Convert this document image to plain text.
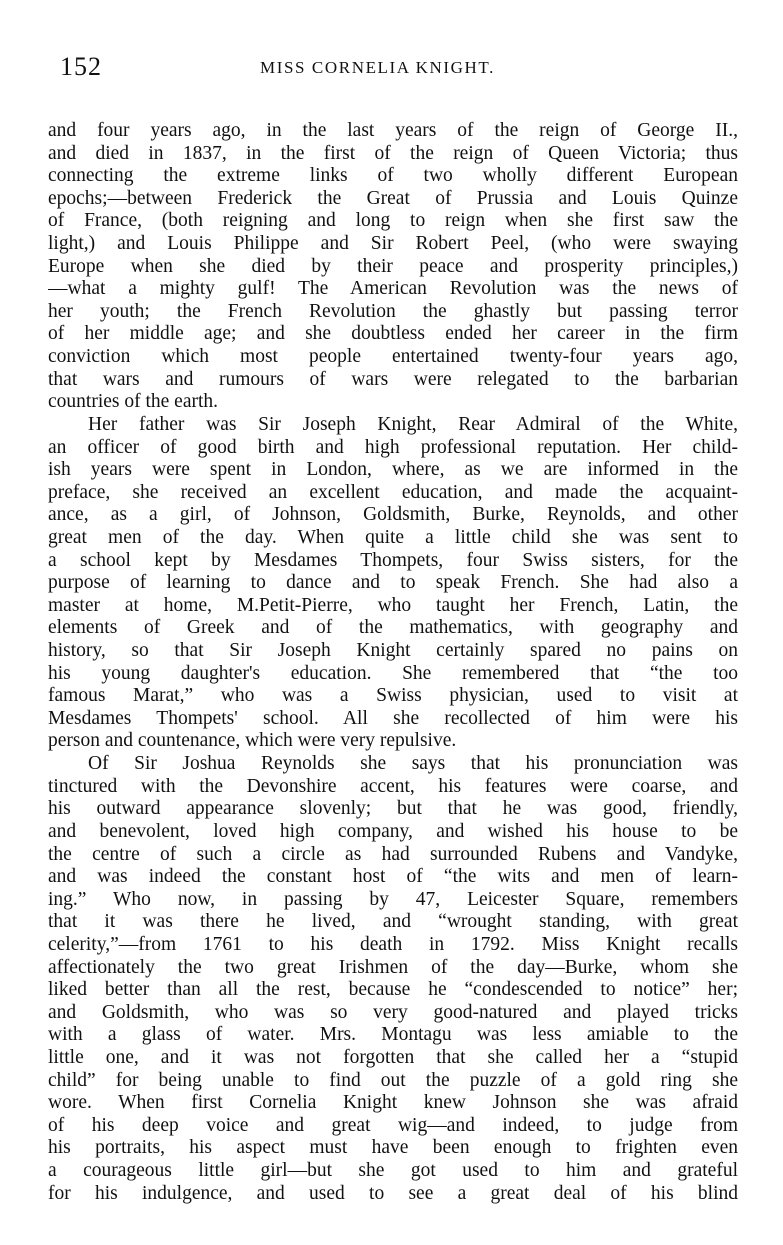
152	MISS CORNELIA KNIGHT.
and four years ago, in the last years of the reign of George II.,
and died in 1837, in the first of the reign of Queen Victoria; thus
connecting the extreme links of two wholly different European
epochs;—between Frederick the Great of Prussia and Louis Quinze
of France, (both reigning and long to reign when she first saw the
light,) and Louis Philippe and Sir Robert Peel, (who were swaying
Europe when she died by their peace and prosperity principles,)
—what a mighty gulf! The American Revolution was the news of
her youth; the French Revolution the ghastly but passing terror
of her middle age; and she doubtless ended her career in the firm
conviction which most people entertained twenty-four years ago,
that wars and rumours of wars were relegated to the barbarian
countries of the earth.
Her father was Sir Joseph Knight, Rear Admiral of the White,
an officer of good birth and high professional reputation. Her child-
ish years were spent in London, where, as we are informed in the
preface, she received an excellent education, and made the acquaint-
ance, as a girl, of Johnson, Goldsmith, Burke, Reynolds, and other
great men of the day. When quite a little child she was sent to
a school kept by Mesdames Thompets, four Swiss sisters, for the
purpose of learning to dance and to speak French. She had also a
master at home, M.Petit-Pierre, who taught her French, Latin, the
elements of Greek and of the mathematics, with geography and
history, so that Sir Joseph Knight certainly spared no pains on
his young daughter's education. She remembered that “the too
famous Marat,” who was a Swiss physician, used to visit at
Mesdames Thompets' school. All she recollected of him were his
person and countenance, which were very repulsive.
Of Sir Joshua Reynolds she says that his pronunciation was
tinctured with the Devonshire accent, his features were coarse, and
his outward appearance slovenly; but that he was good, friendly,
and benevolent, loved high company, and wished his house to be
the centre of such a circle as had surrounded Rubens and Vandyke,
and was indeed the constant host of “the wits and men of learn-
ing.” Who now, in passing by 47, Leicester Square, remembers
that it was there he lived, and “wrought standing, with great
celerity,”—from 1761 to his death in 1792. Miss Knight recalls
affectionately the two great Irishmen of the day—Burke, whom she
liked better than all the rest, because he “condescended to notice” her;
and Goldsmith, who was so very good-natured and played tricks
with a glass of water. Mrs. Montagu was less amiable to the
little one, and it was not forgotten that she called her a “stupid
child” for being unable to find out the puzzle of a gold ring she
wore. When first Cornelia Knight knew Johnson she was afraid
of his deep voice and great wig—and indeed, to judge from
his portraits, his aspect must have been enough to frighten even
a courageous little girl—but she got used to him and grateful
for his indulgence, and used to see a great deal of his blind
